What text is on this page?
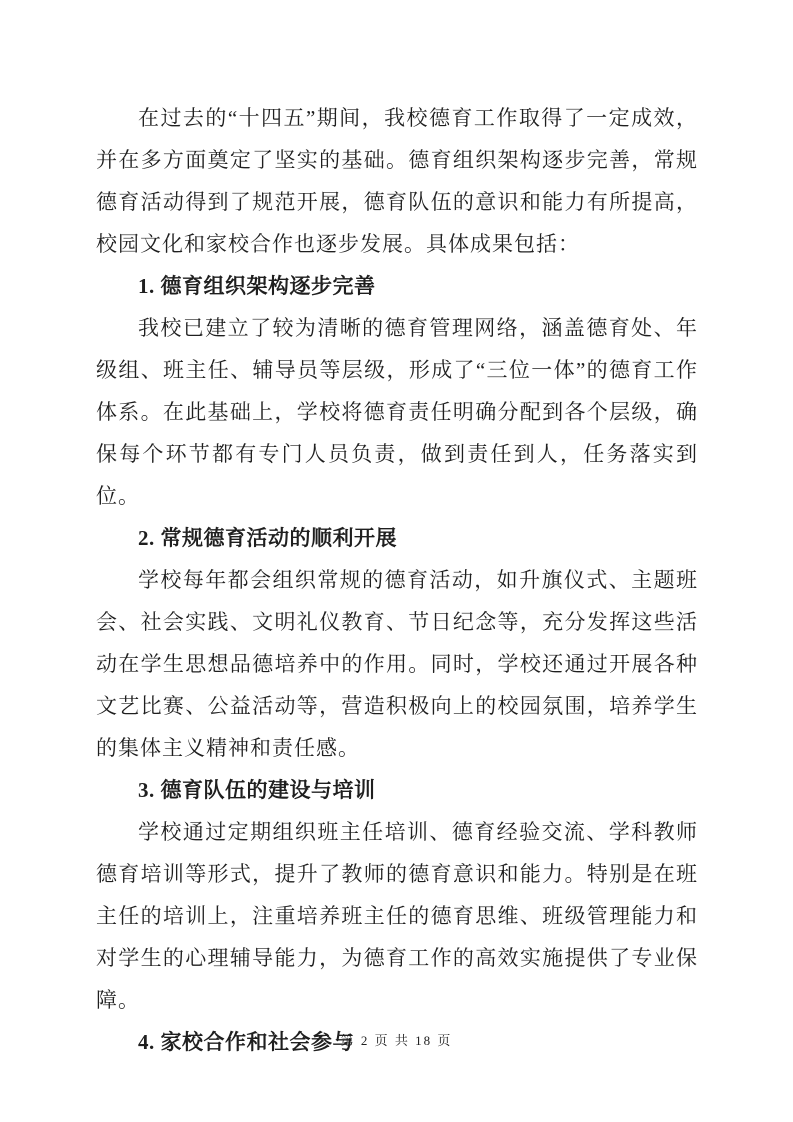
在过去的“十四五”期间，我校德育工作取得了一定成效，并在多方面奠定了坚实的基础。德育组织架构逐步完善，常规德育活动得到了规范开展，德育队伍的意识和能力有所提高，校园文化和家校合作也逐步发展。具体成果包括：

1. 德育组织架构逐步完善

我校已建立了较为清晰的德育管理网络，涵盖德育处、年级组、班主任、辅导员等层级，形成了“三位一体”的德育工作体系。在此基础上，学校将德育责任明确分配到各个层级，确保每个环节都有专门人员负责，做到责任到人，任务落实到位。

2. 常规德育活动的顺利开展

学校每年都会组织常规的德育活动，如升旗仪式、主题班会、社会实践、文明礼仪教育、节日纪念等，充分发挥这些活动在学生思想品德培养中的作用。同时，学校还通过开展各种文艺比赛、公益活动等，营造积极向上的校园氛围，培养学生的集体主义精神和责任感。

3. 德育队伍的建设与培训

学校通过定期组织班主任培训、德育经验交流、学科教师德育培训等形式，提升了教师的德育意识和能力。特别是在班主任的培训上，注重培养班主任的德育思维、班级管理能力和对学生的心理辅导能力，为德育工作的高效实施提供了专业保障。

4. 家校合作和社会参与
第 2 页 共 18 页
